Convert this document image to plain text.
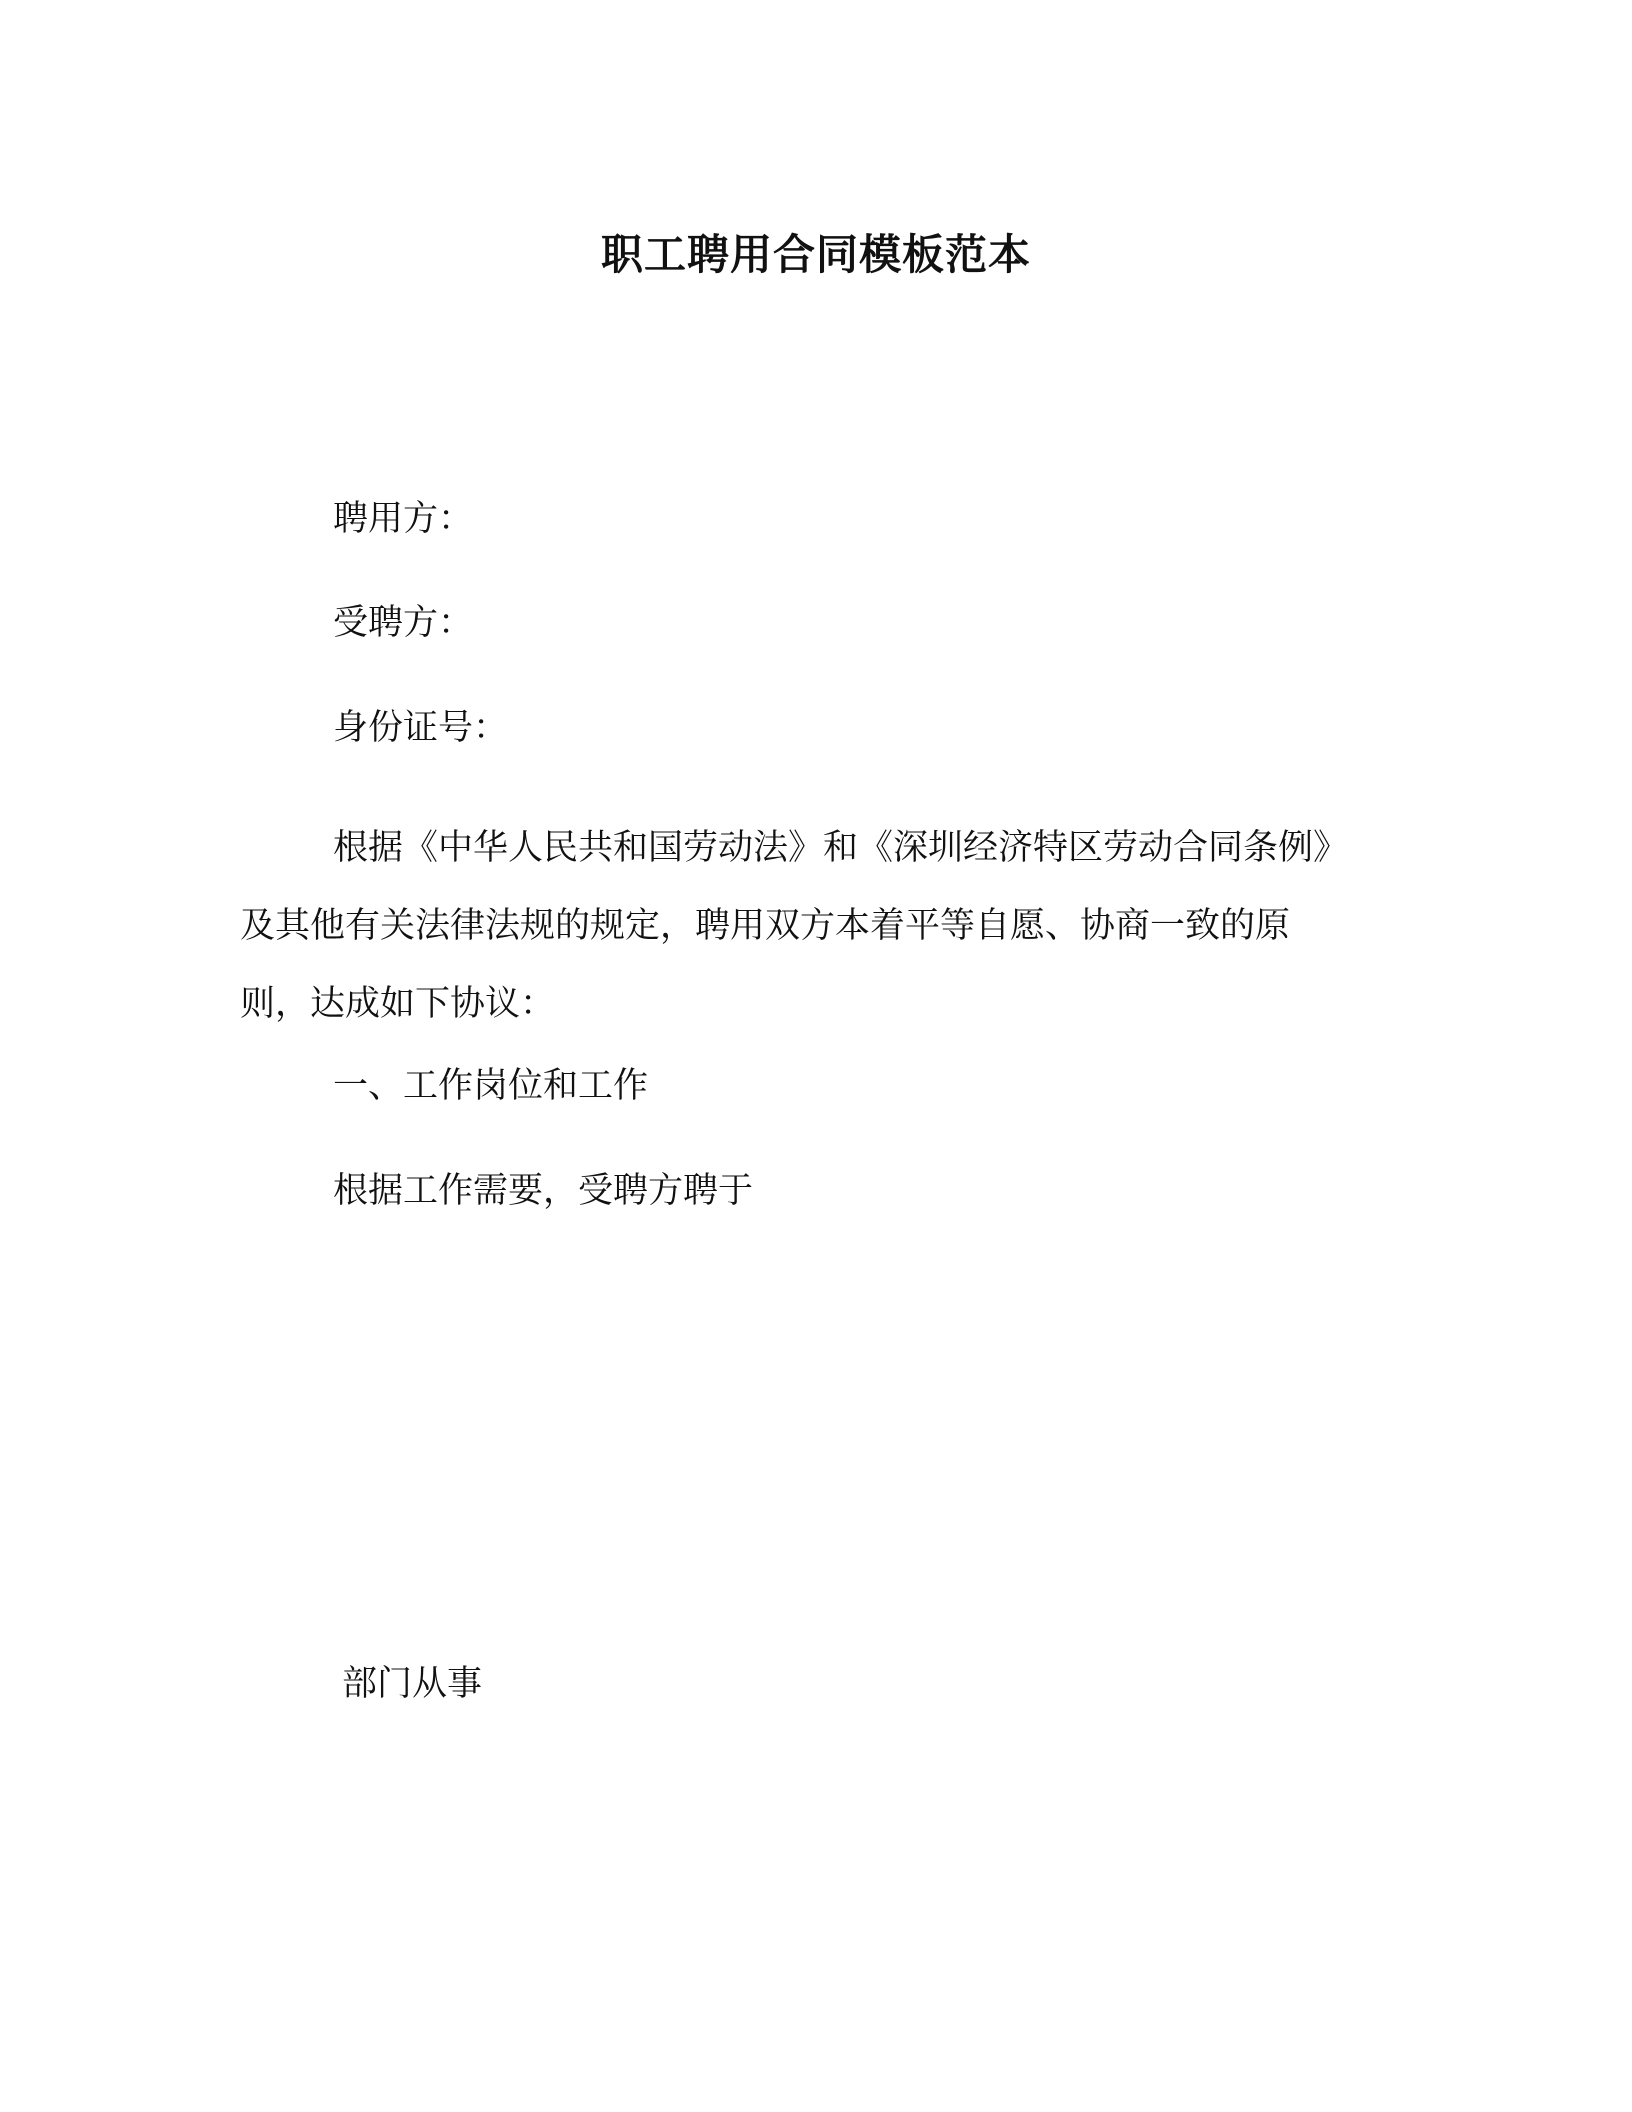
职工聘用合同模板范本

聘用方：

受聘方：

身份证号：

根据《中华人民共和国劳动法》和《深圳经济特区劳动合同条例》
及其他有关法律法规的规定，聘用双方本着平等自愿、协商一致的原
则，达成如下协议：

一、工作岗位和工作

根据工作需要，受聘方聘于

部门从事
